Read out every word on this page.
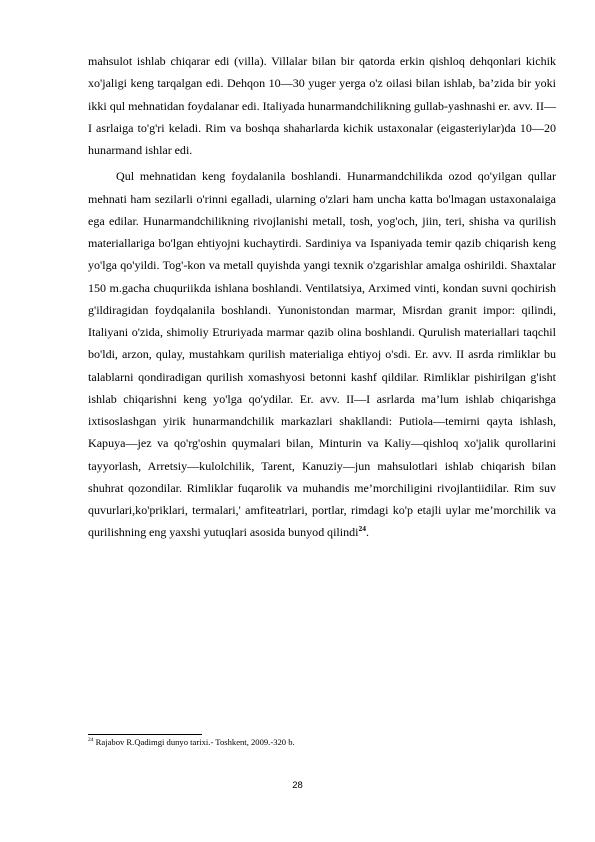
mahsulot ishlab chiqarar edi (villa). Villalar bilan bir qatorda erkin qishloq dehqonlari kichik xo'jaligi keng tarqalgan edi. Dehqon 10—30 yuger yerga o'z oilasi bilan ishlab, ba’zida bir yoki ikki qul mehnatidan foydalanar edi. Italiyada hunarmandchilikning gullab-yashnashi er. avv. II—I asrlaiga to'g'ri keladi. Rim va boshqa shaharlarda kichik ustaxonalar (eigasteriylar)da 10—20 hunarmand ishlar edi.

Qul mehnatidan keng foydalanila boshlandi. Hunarmandchilikda ozod qo'yilgan qullar mehnati ham sezilarli o'rinni egalladi, ularning o'zlari ham uncha katta bo'lmagan ustaxonalaiga ega edilar. Hunarmandchilikning rivojlanishi metall, tosh, yog'och, jiin, teri, shisha va qurilish materiallariga bo'lgan ehtiyojni kuchaytirdi. Sardiniya va Ispaniyada temir qazib chiqarish keng yo'lga qo'yildi. Tog'-kon va metall quyishda yangi texnik o'zgarishlar amalga oshirildi. Shaxtalar 150 m.gacha chuquriikda ishlana boshlandi. Ventilatsiya, Arximed vinti, kondan suvni qochirish g'ildiragidan foydqalanila boshlandi. Yunonistondan marmar, Misrdan granit impor: qilindi, Italiyani o'zida, shimoliy Etruriyada marmar qazib olina boshlandi. Qurulish materiallari taqchil bo'ldi, arzon, qulay, mustahkam qurilish materialiga ehtiyoj o'sdi. Er. avv. II asrda rimliklar bu talablarni qondiradigan qurilish xomashyosi betonni kashf qildilar. Rimliklar pishirilgan g'isht ishlab chiqarishni keng yo'lga qo'ydilar. Er. avv. II—I asrlarda ma’lum ishlab chiqarishga ixtisoslashgan yirik hunarmandchilik markazlari shakllandi: Putiola—temirni qayta ishlash, Kapuya—jez va qo'rg'oshin quymalari bilan, Minturin va Kaliy—qishloq xo'jalik qurollarini tayyorlash, Arretsiy—kulolchilik, Tarent, Kanuziy—jun mahsulotlari ishlab chiqarish bilan shuhrat qozondilar. Rimliklar fuqarolik va muhandis me’morchiligini rivojlantiidilar. Rim suv quvurlari,ko'priklari, termalari,' amfiteatrlari, portlar, rimdagi ko'p etajli uylar me’morchilik va qurilishning eng yaxshi yutuqlari asosida bunyod qilindi$^{24}$.

$^{24}$ Rajabov R.Qadimgi dunyo tarixi.- Toshkent, 2009.-320 b.
28
